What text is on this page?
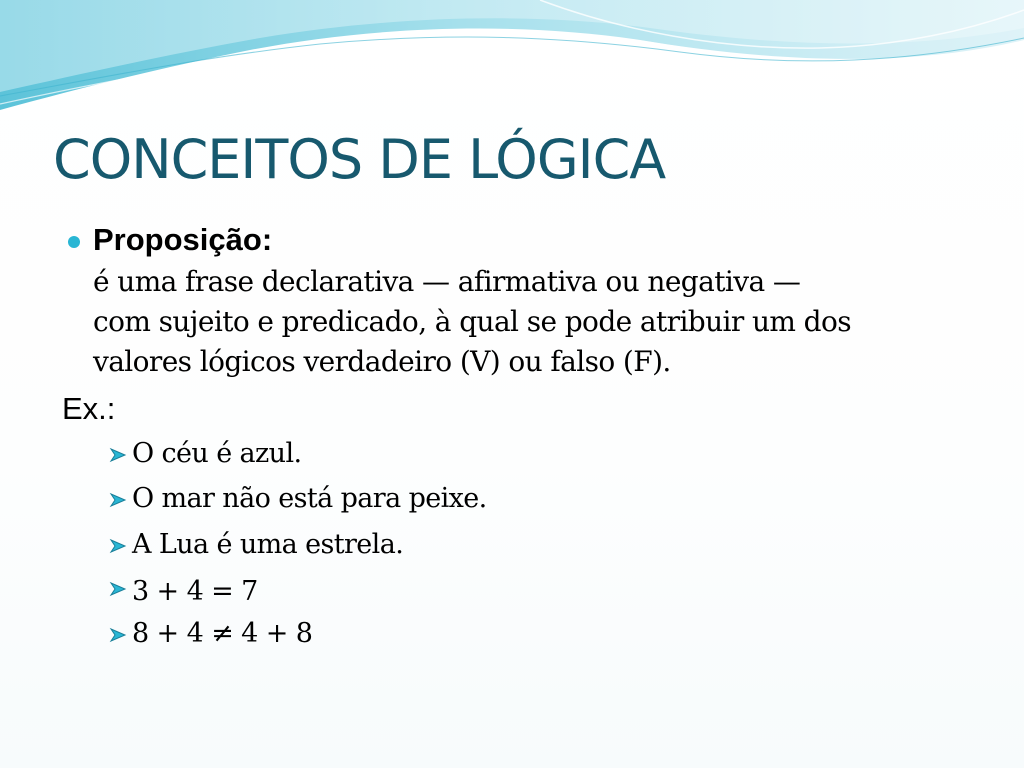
CONCEITOS DE LÓGICA
Proposição:
é uma frase declarativa — afirmativa ou negativa —
com sujeito e predicado, à qual se pode atribuir um dos
valores lógicos verdadeiro (V) ou falso (F).
Ex.:
O céu é azul.
O mar não está para peixe.
A Lua é uma estrela.
3 + 4 = 7
8 + 4 ≠ 4 + 8
